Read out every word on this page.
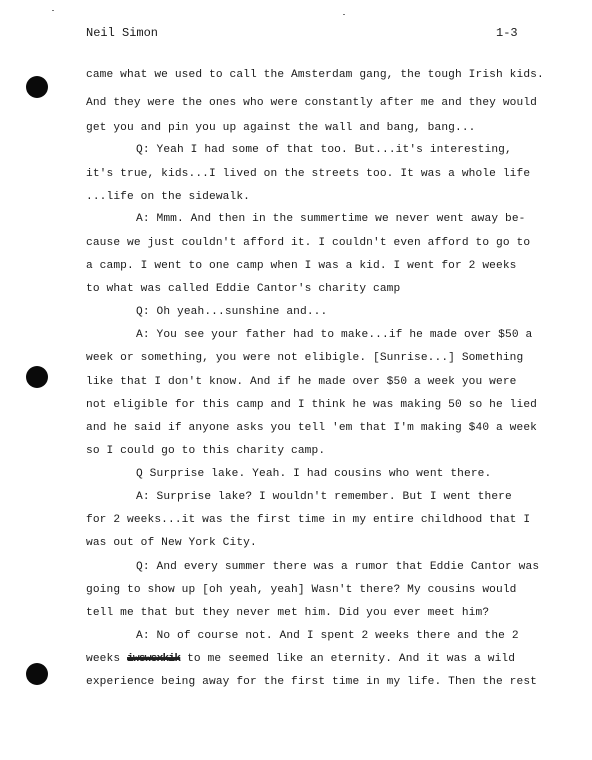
Neil Simon	1-3
came what we used to call the Amsterdam gang, the tough Irish kids.
And they were the ones who were constantly after me and they would
get you and pin you up against the wall and bang, bang...
Q: Yeah I had some of that too. But...it's interesting,
it's true, kids...I lived on the streets too. It was a whole life
...life on the sidewalk.
A: Mmm. And then in the summertime we never went away be-
cause we just couldn't afford it. I couldn't even afford to go to
a camp. I went to one camp when I was a kid. I went for 2 weeks
to what was called Eddie Cantor's charity camp
Q: Oh yeah...sunshine and...
A: You see your father had to make...if he made over $50 a
week or something, you were not elibigle. [Sunrise...] Something
like that I don't know. And if he made over $50 a week you were
not eligible for this camp and I think he was making 50 so he lied
and he said if anyone asks you tell 'em that I'm making $40 a week
so I could go to this charity camp.
Q Surprise lake. Yeah. I had cousins who went there.
A: Surprise lake? I wouldn't remember. But I went there
for 2 weeks...it was the first time in my entire childhood that I
was out of New York City.
Q: And every summer there was a rumor that Eddie Cantor was
going to show up [oh yeah, yeah] Wasn't there? My cousins would
tell me that but they never met him. Did you ever meet him?
A: No of course not. And I spent 2 weeks there and the 2
weeks iwswsxkik to me seemed like an eternity. And it was a wild
experience being away for the first time in my life. Then the rest
